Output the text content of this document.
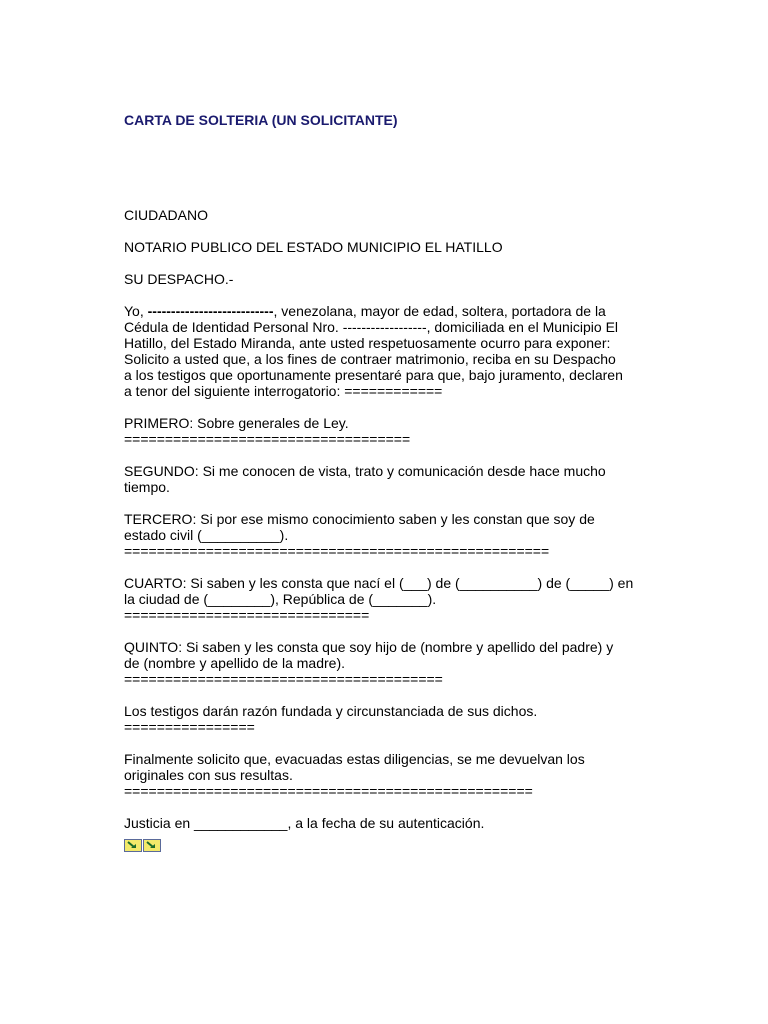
CARTA DE SOLTERIA (UN SOLICITANTE)

CIUDADANO

NOTARIO PUBLICO DEL ESTADO MUNICIPIO EL HATILLO

SU DESPACHO.-

Yo, ---------------------------, venezolana, mayor de edad, soltera, portadora de la
Cédula de Identidad Personal Nro. ------------------, domiciliada en el Municipio El
Hatillo, del Estado Miranda, ante usted respetuosamente ocurro para exponer:
Solicito a usted que, a los fines de contraer matrimonio, reciba en su Despacho
a los testigos que oportunamente presentaré para que, bajo juramento, declaren
a tenor del siguiente interrogatorio: ============

PRIMERO: Sobre generales de Ley.
===================================

SEGUNDO: Si me conocen de vista, trato y comunicación desde hace mucho
tiempo.

TERCERO: Si por ese mismo conocimiento saben y les constan que soy de
estado civil (__________).
====================================================

CUARTO: Si saben y les consta que nací el (___) de (__________) de (_____) en
la ciudad de (________), República de (_______).
==============================

QUINTO: Si saben y les consta que soy hijo de (nombre y apellido del padre) y
de (nombre y apellido de la madre).
=======================================

Los testigos darán razón fundada y circunstanciada de sus dichos.
================

Finalmente solicito que, evacuadas estas diligencias, se me devuelvan los
originales con sus resultas.
==================================================

Justicia en ____________, a la fecha de su autenticación.
